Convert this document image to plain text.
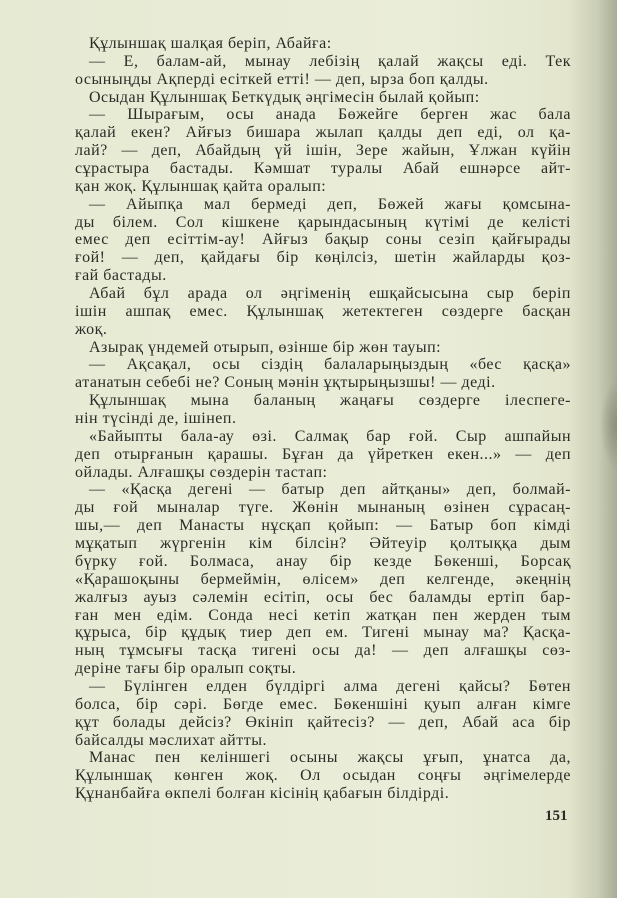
Құлыншақ шалқая беріп, Абайға:
— Е, балам-ай, мынау лебізің қалай жақсы еді. Тек
осыныңды Ақперді есіткей етті! — деп, ырза боп қалды.
Осыдан Құлыншақ Беткүдық әңгімесін былай қойып:
— Шырағым, осы анада Бөжейге берген жас бала
қалай екен? Айғыз бишара жылап қалды деп еді, ол қа-
лай? — деп, Абайдың үй ішін, Зере жайын, Ұлжан күйін
сұрастыра бастады. Кәмшат туралы Абай ешнәрсе айт-
қан жоқ. Құлыншақ қайта оралып:
— Айыпқа мал бермеді деп, Бөжей жағы қомсына-
ды білем. Сол кішкене қарындасының күтімі де келісті
емес деп есіттім-ау! Айғыз бақыр соны сезіп қайғырады
ғой! — деп, қайдағы бір көңілсіз, шетін жайларды қоз-
ғай бастады.
Абай бұл арада ол әңгіменің ешқайсысына сыр беріп
ішін ашпақ емес. Құлыншақ жетектеген сөздерге басқан
жоқ.
Азырақ үндемей отырып, өзінше бір жөн тауып:
— Ақсақал, осы сіздің балаларыңыздың «бес қасқа»
атанатын себебі не? Соның мәнін ұқтырыңызшы! — деді.
Құлыншақ мына баланың жаңағы сөздерге ілеспеге-
нін түсінді де, ішінеп.
«Байыпты бала-ау өзі. Салмақ бар ғой. Сыр ашпайын
деп отырғанын қарашы. Бұған да үйреткен екен...» — деп
ойлады. Алғашқы сөздерін тастап:
— «Қасқа дегені — батыр деп айтқаны» деп, болмай-
ды ғой мыналар түге. Жөнін мынаның өзінен сұрасаң-
шы,— деп Манасты нұсқап қойып: — Батыр боп кімді
мұқатып жүргенін кім білсін? Әйтеуір қолтыққа дым
бүрку ғой. Болмаса, анау бір кезде Бөкенші, Борсақ
«Қарашоқыны бермеймін, өлісем» деп келгенде, әкеңнің
жалғыз ауыз сәлемін есітіп, осы бес баламды ертіп бар-
ған мен едім. Сонда несі кетіп жатқан пен жерден тым
құрыса, бір құдық тиер деп ем. Тигені мынау ма? Қасқа-
ның тұмсығы тасқа тигені осы да! — деп алғашқы сөз-
деріне тағы бір оралып соқты.
— Бүлінген елден бүлдіргі алма дегені қайсы? Бөтен
болса, бір сәрі. Бөгде емес. Бөкеншіні қуып алған кімге
құт болады дейсіз? Өкініп қайтесіз? — деп, Абай аса бір
байсалды мәслихат айтты.
Манас пен келіншегі осыны жақсы ұғып, ұнатса да,
Құлыншақ көнген жоқ. Ол осыдан соңғы әңгімелерде
Құнанбайға өкпелі болған кісінің қабағын білдірді.
151
